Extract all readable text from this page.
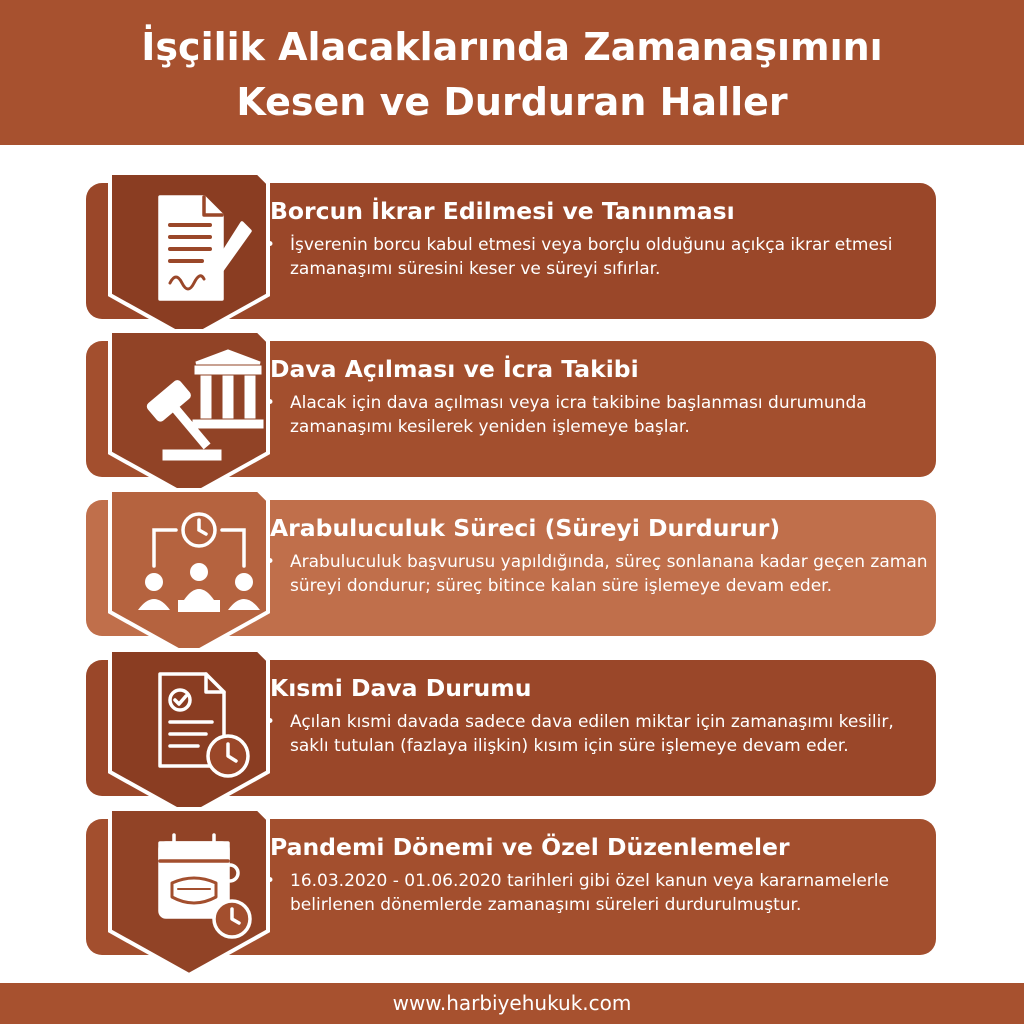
İşçilik Alacaklarında Zamanaşımını
Kesen ve Durduran Haller
Borcun İkrar Edilmesi ve Tanınması
• İşverenin borcu kabul etmesi veya borçlu olduğunu açıkça ikrar etmesi zamanaşımı süresini keser ve süreyi sıfırlar.
Dava Açılması ve İcra Takibi
• Alacak için dava açılması veya icra takibine başlanması durumunda zamanaşımı kesilerek yeniden işlemeye başlar.
Arabuluculuk Süreci (Süreyi Durdurur)
• Arabuluculuk başvurusu yapıldığında, süreç sonlanana kadar geçen zaman süreyi dondurur; süreç bitince kalan süre işlemeye devam eder.
Kısmi Dava Durumu
• Açılan kısmi davada sadece dava edilen miktar için zamanaşımı kesilir, saklı tutulan (fazlaya ilişkin) kısım için süre işlemeye devam eder.
Pandemi Dönemi ve Özel Düzenlemeler
• 16.03.2020 - 01.06.2020 tarihleri gibi özel kanun veya kararnamelerle belirlenen dönemlerde zamanaşımı süreleri durdurulmuştur.
www.harbiyehukuk.com
